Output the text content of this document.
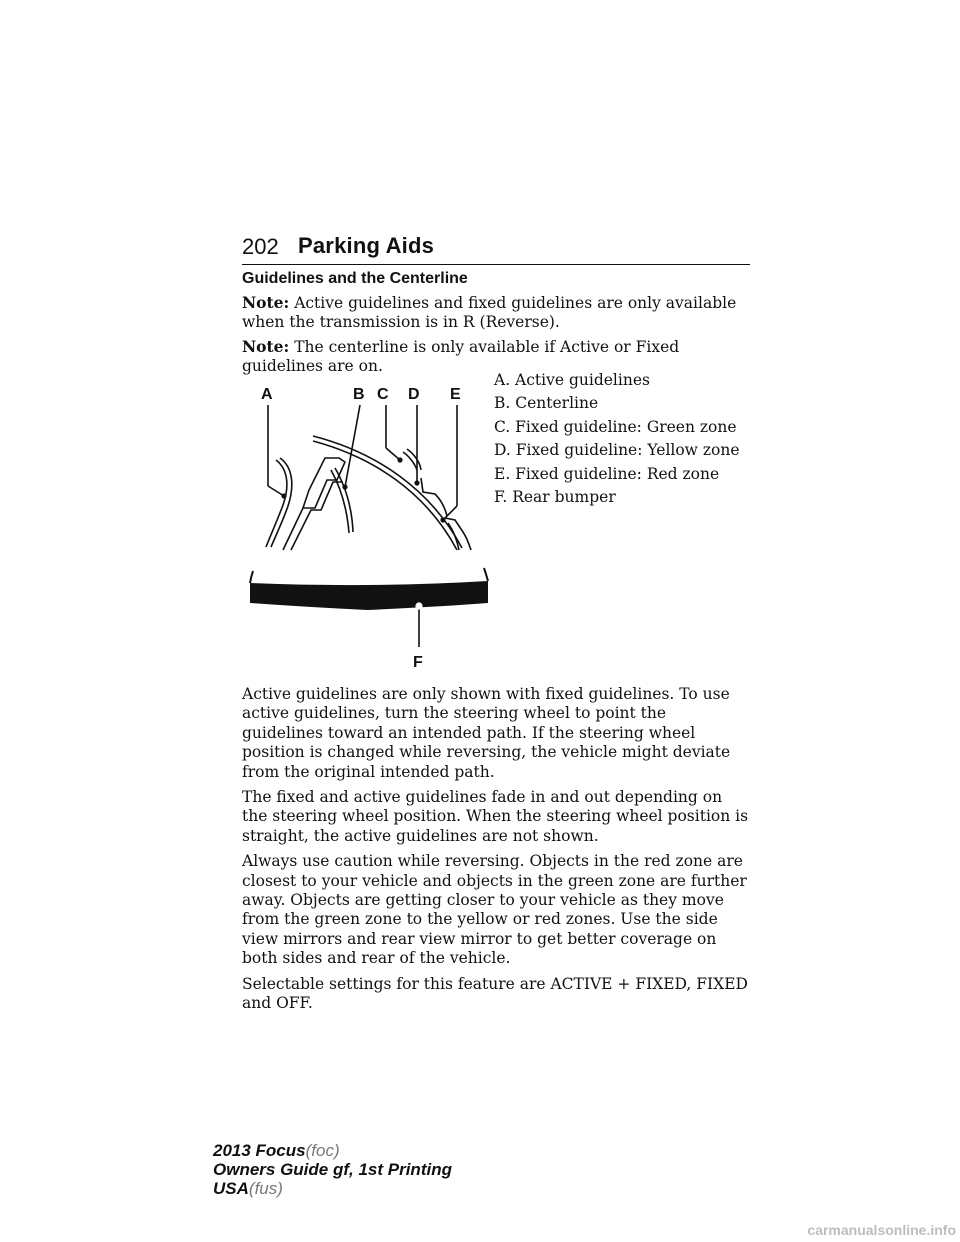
202 Parking Aids
Guidelines and the Centerline
Note: Active guidelines and fixed guidelines are only available when the transmission is in R (Reverse).
Note: The centerline is only available if Active or Fixed guidelines are on.
A	B C D E
F
A. Active guidelines
B. Centerline
C. Fixed guideline: Green zone
D. Fixed guideline: Yellow zone
E. Fixed guideline: Red zone
F. Rear bumper

Active guidelines are only shown with fixed guidelines. To use active guidelines, turn the steering wheel to point the guidelines toward an intended path. If the steering wheel position is changed while reversing, the vehicle might deviate from the original intended path.

The fixed and active guidelines fade in and out depending on the steering wheel position. When the steering wheel position is straight, the active guidelines are not shown.

Always use caution while reversing. Objects in the red zone are closest to your vehicle and objects in the green zone are further away. Objects are getting closer to your vehicle as they move from the green zone to the yellow or red zones. Use the side view mirrors and rear view mirror to get better coverage on both sides and rear of the vehicle.

Selectable settings for this feature are ACTIVE + FIXED, FIXED and OFF.

2013 Focus(foc)
Owners Guide gf, 1st Printing
USA(fus)
carmanualsonline.info
